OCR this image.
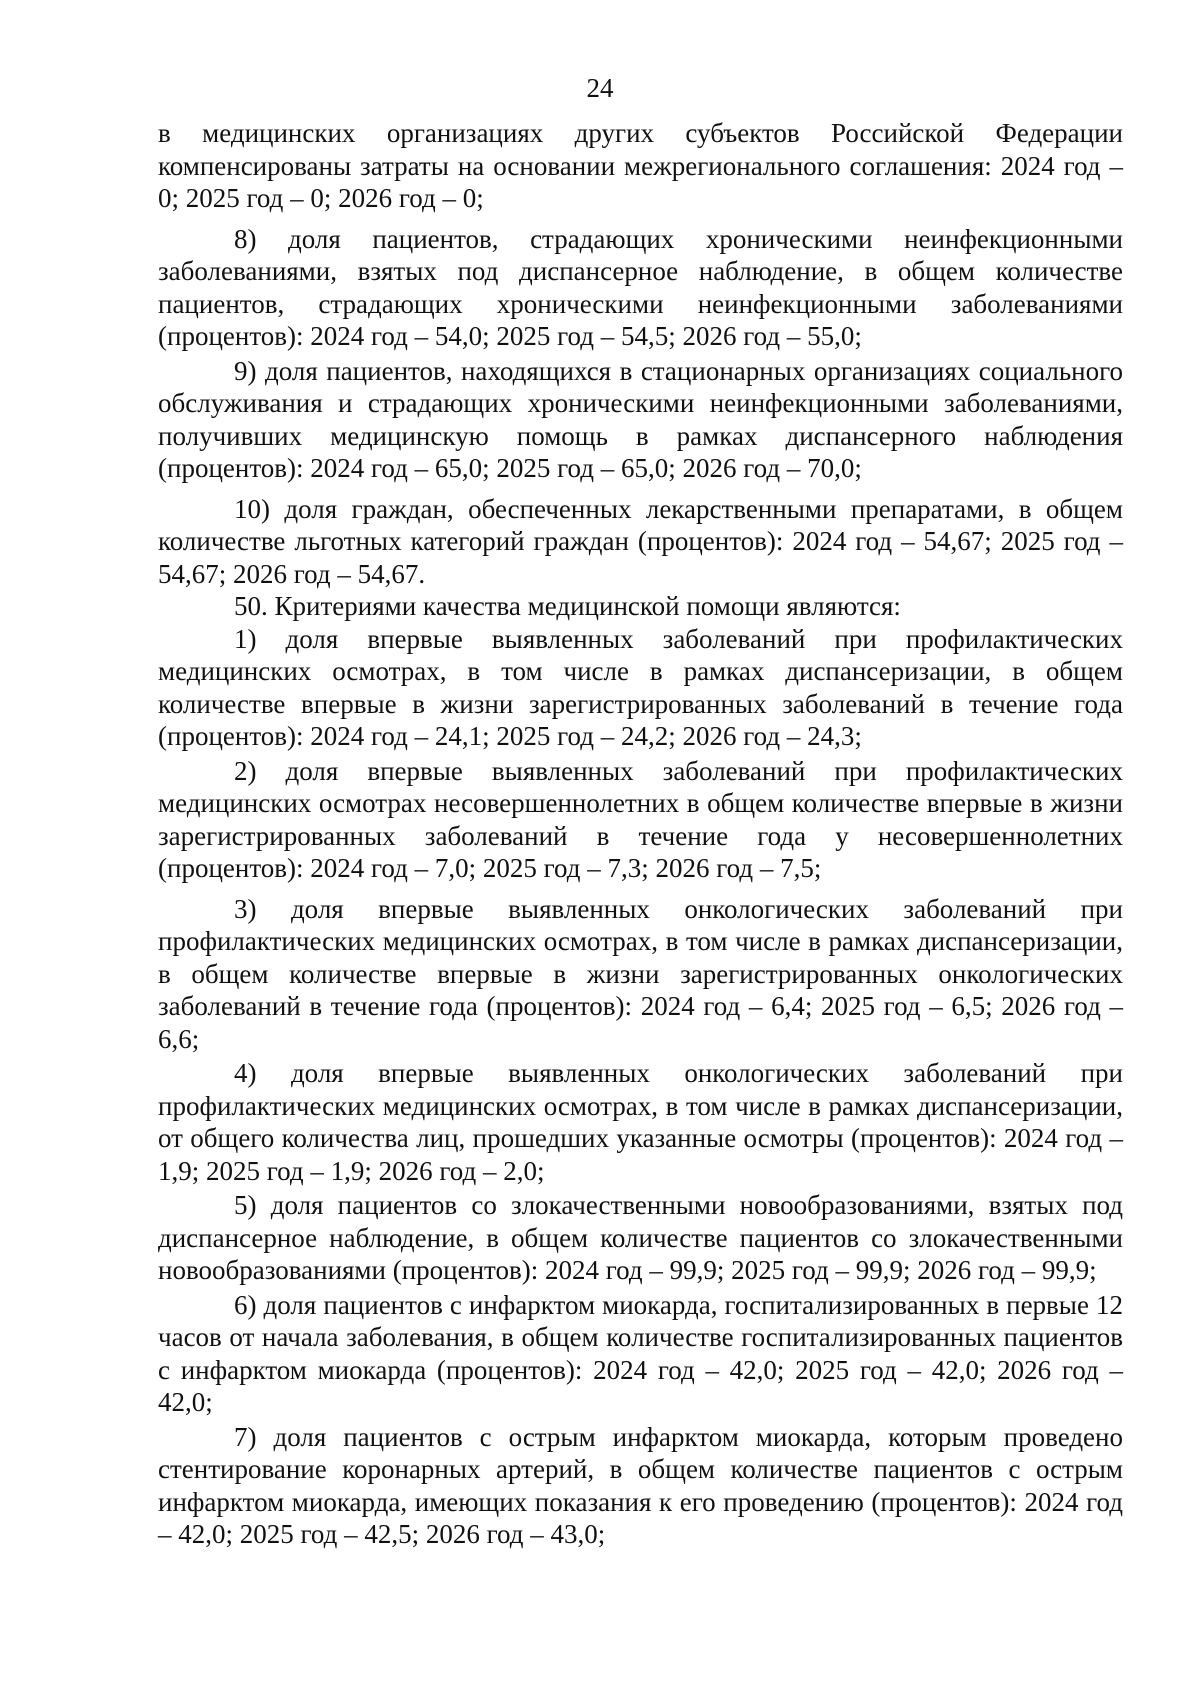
24

в медицинских организациях других субъектов Российской Федерации компенсированы затраты на основании межрегионального соглашения: 2024 год – 0; 2025 год – 0; 2026 год – 0;

8) доля пациентов, страдающих хроническими неинфекционными заболеваниями, взятых под диспансерное наблюдение, в общем количестве пациентов, страдающих хроническими неинфекционными заболеваниями (процентов): 2024 год – 54,0; 2025 год – 54,5; 2026 год – 55,0;

9) доля пациентов, находящихся в стационарных организациях социального обслуживания и страдающих хроническими неинфекционными заболеваниями, получивших медицинскую помощь в рамках диспансерного наблюдения (процентов): 2024 год – 65,0; 2025 год – 65,0; 2026 год – 70,0;

10) доля граждан, обеспеченных лекарственными препаратами, в общем количестве льготных категорий граждан (процентов): 2024 год – 54,67; 2025 год – 54,67; 2026 год – 54,67.

50. Критериями качества медицинской помощи являются:

1) доля впервые выявленных заболеваний при профилактических медицинских осмотрах, в том числе в рамках диспансеризации, в общем количестве впервые в жизни зарегистрированных заболеваний в течение года (процентов): 2024 год – 24,1; 2025 год – 24,2; 2026 год – 24,3;

2) доля впервые выявленных заболеваний при профилактических медицинских осмотрах несовершеннолетних в общем количестве впервые в жизни зарегистрированных заболеваний в течение года у несовершеннолетних (процентов): 2024 год – 7,0; 2025 год – 7,3; 2026 год – 7,5;

3) доля впервые выявленных онкологических заболеваний при профилактических медицинских осмотрах, в том числе в рамках диспансеризации, в общем количестве впервые в жизни зарегистрированных онкологических заболеваний в течение года (процентов): 2024 год – 6,4; 2025 год – 6,5; 2026 год – 6,6;

4) доля впервые выявленных онкологических заболеваний при профилактических медицинских осмотрах, в том числе в рамках диспансеризации, от общего количества лиц, прошедших указанные осмотры (процентов): 2024 год – 1,9; 2025 год – 1,9; 2026 год – 2,0;

5) доля пациентов со злокачественными новообразованиями, взятых под диспансерное наблюдение, в общем количестве пациентов со злокачественными новообразованиями (процентов): 2024 год – 99,9; 2025 год – 99,9; 2026 год – 99,9;

6) доля пациентов с инфарктом миокарда, госпитализированных в первые 12 часов от начала заболевания, в общем количестве госпитализированных пациентов с инфарктом миокарда (процентов): 2024 год – 42,0; 2025 год – 42,0; 2026 год – 42,0;

7) доля пациентов с острым инфарктом миокарда, которым проведено стентирование коронарных артерий, в общем количестве пациентов с острым инфарктом миокарда, имеющих показания к его проведению (процентов): 2024 год – 42,0; 2025 год – 42,5; 2026 год – 43,0;
